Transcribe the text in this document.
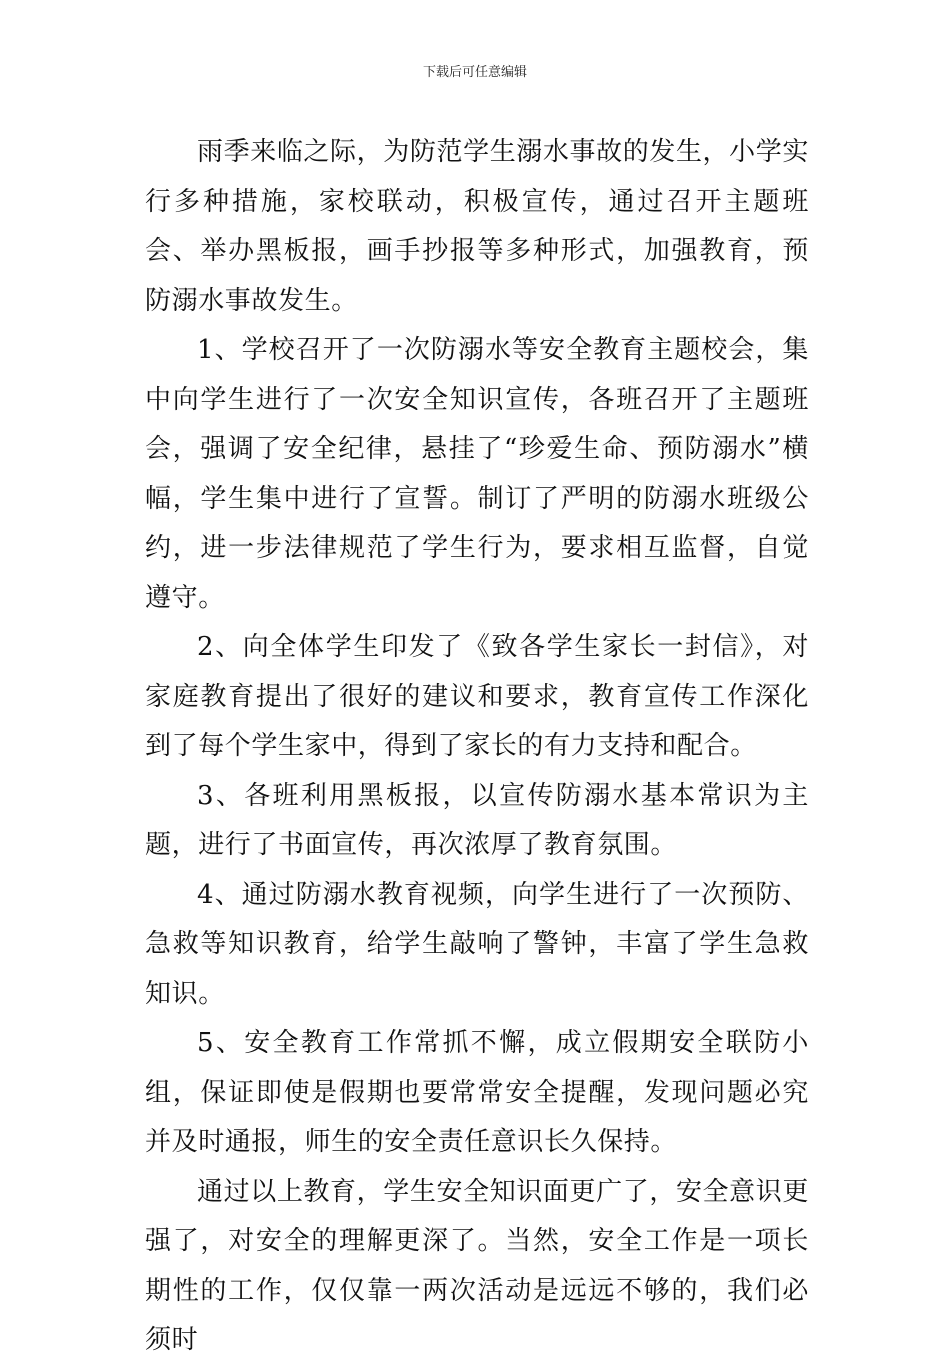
下载后可任意编辑

雨季来临之际，为防范学生溺水事故的发生，小学实行多种措施，家校联动，积极宣传，通过召开主题班会、举办黑板报，画手抄报等多种形式，加强教育，预防溺水事故发生。

1、学校召开了一次防溺水等安全教育主题校会，集中向学生进行了一次安全知识宣传，各班召开了主题班会，强调了安全纪律，悬挂了“珍爱生命、预防溺水”横幅，学生集中进行了宣誓。制订了严明的防溺水班级公约，进一步法律规范了学生行为，要求相互监督，自觉遵守。

2、向全体学生印发了《致各学生家长一封信》，对家庭教育提出了很好的建议和要求，教育宣传工作深化到了每个学生家中，得到了家长的有力支持和配合。

3、各班利用黑板报，以宣传防溺水基本常识为主题，进行了书面宣传，再次浓厚了教育氛围。

4、通过防溺水教育视频，向学生进行了一次预防、急救等知识教育，给学生敲响了警钟，丰富了学生急救知识。

5、安全教育工作常抓不懈，成立假期安全联防小组，保证即使是假期也要常常安全提醒，发现问题必究并及时通报，师生的安全责任意识长久保持。

通过以上教育，学生安全知识面更广了，安全意识更强了，对安全的理解更深了。当然，安全工作是一项长期性的工作，仅仅靠一两次活动是远远不够的，我们必须时
